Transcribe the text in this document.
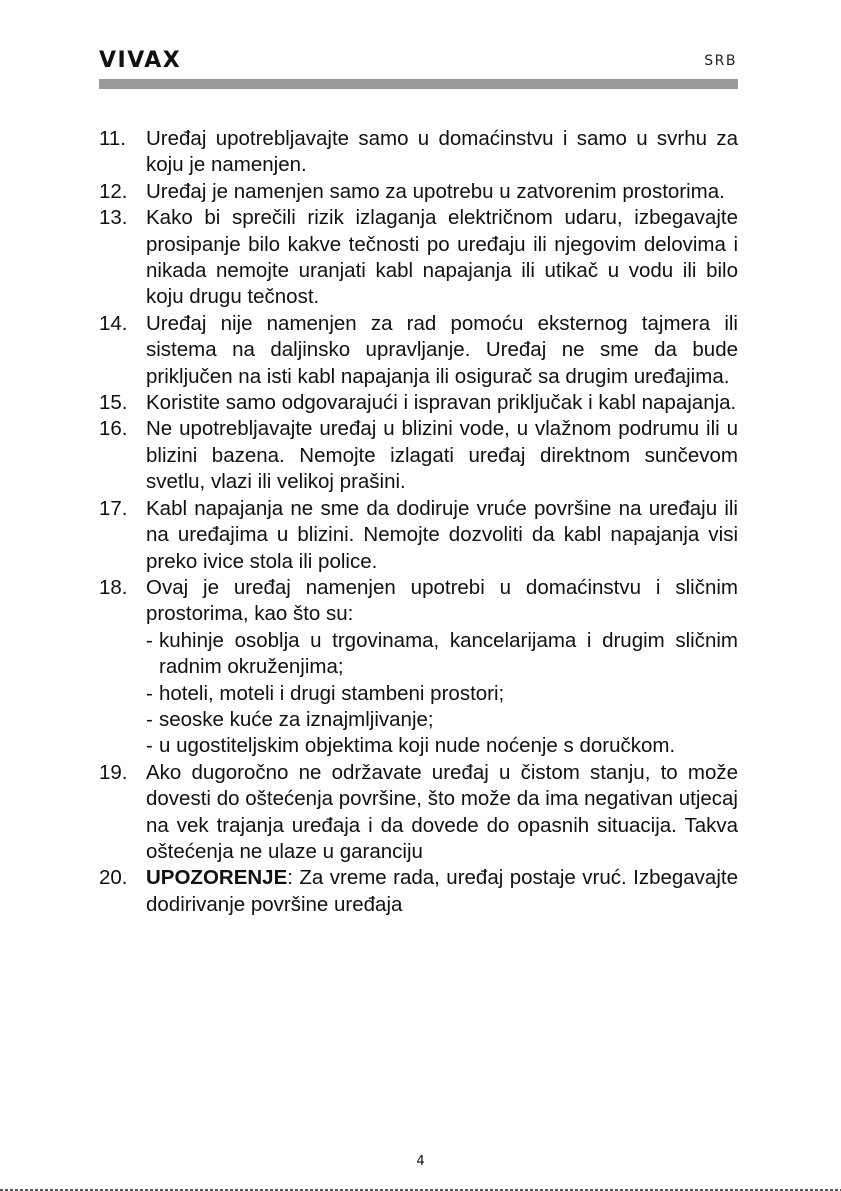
VIVAX	SRB
11. Uređaj upotrebljavajte samo u domaćinstvu i samo u svrhu za koju je namenjen.
12. Uređaj je namenjen samo za upotrebu u zatvorenim prostorima.
13. Kako bi sprečili rizik izlaganja električnom udaru, izbegavajte prosipanje bilo kakve tečnosti po uređaju ili njegovim delovima i nikada nemojte uranjati kabl napajanja ili utikač u vodu ili bilo koju drugu tečnost.
14. Uređaj nije namenjen za rad pomoću eksternog tajmera ili sistema na daljinsko upravljanje. Uređaj ne sme da bude priključen na isti kabl napajanja ili osigurač sa drugim uređajima.
15. Koristite samo odgovarajući i ispravan priključak i kabl napajanja.
16. Ne upotrebljavajte uređaj u blizini vode, u vlažnom podrumu ili u blizini bazena. Nemojte izlagati uređaj direktnom sunčevom svetlu, vlazi ili velikoj prašini.
17. Kabl napajanja ne sme da dodiruje vruće površine na uređaju ili na uređajima u blizini. Nemojte dozvoliti da kabl napajanja visi preko ivice stola ili police.
18. Ovaj je uređaj namenjen upotrebi u domaćinstvu i sličnim prostorima, kao što su:
- kuhinje osoblja u trgovinama, kancelarijama i drugim sličnim radnim okruženjima;
- hoteli, moteli i drugi stambeni prostori;
- seoske kuće za iznajmljivanje;
- u ugostiteljskim objektima koji nude noćenje s doručkom.
19. Ako dugoročno ne održavate uređaj u čistom stanju, to može dovesti do oštećenja površine, što može da ima negativan utjecaj na vek trajanja uređaja i da dovede do opasnih situacija. Takva oštećenja ne ulaze u garanciju
20. UPOZORENJE: Za vreme rada, uređaj postaje vruć. Izbegavajte dodirivanje površine uređaja
4
